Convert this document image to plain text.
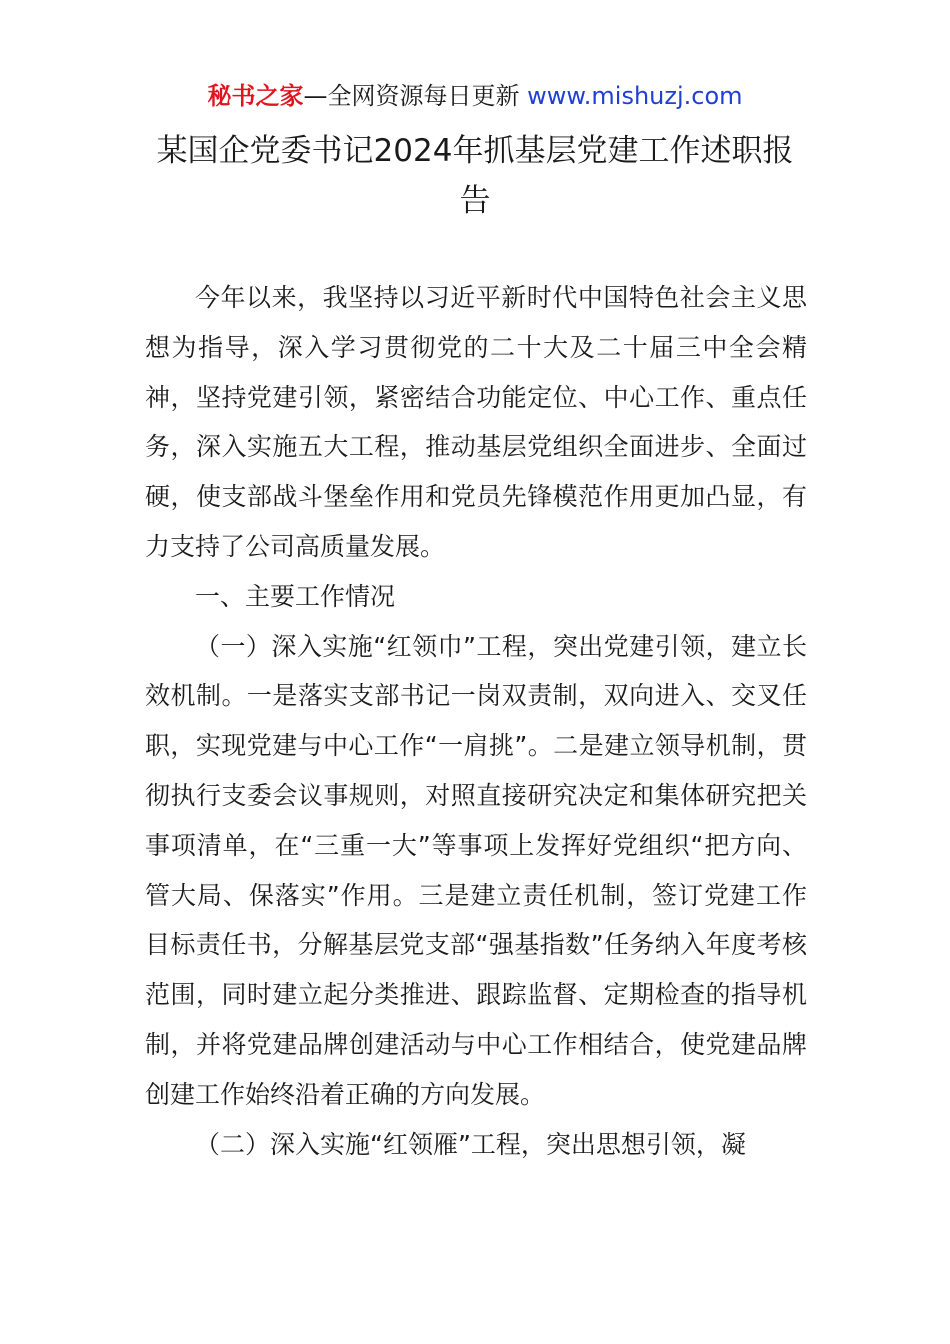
秘书之家—全网资源每日更新 www.mishuzj.com
某国企党委书记2024年抓基层党建工作述职报告

今年以来，我坚持以习近平新时代中国特色社会主义思想为指导，深入学习贯彻党的二十大及二十届三中全会精神，坚持党建引领，紧密结合功能定位、中心工作、重点任务，深入实施五大工程，推动基层党组织全面进步、全面过硬，使支部战斗堡垒作用和党员先锋模范作用更加凸显，有力支持了公司高质量发展。

一、主要工作情况

（一）深入实施“红领巾”工程，突出党建引领，建立长效机制。一是落实支部书记一岗双责制，双向进入、交叉任职，实现党建与中心工作“一肩挑”。二是建立领导机制，贯彻执行支委会议事规则，对照直接研究决定和集体研究把关事项清单，在“三重一大”等事项上发挥好党组织“把方向、管大局、保落实”作用。三是建立责任机制，签订党建工作目标责任书，分解基层党支部“强基指数”任务纳入年度考核范围，同时建立起分类推进、跟踪监督、定期检查的指导机制，并将党建品牌创建活动与中心工作相结合，使党建品牌创建工作始终沿着正确的方向发展。

（二）深入实施“红领雁”工程，突出思想引领，凝
